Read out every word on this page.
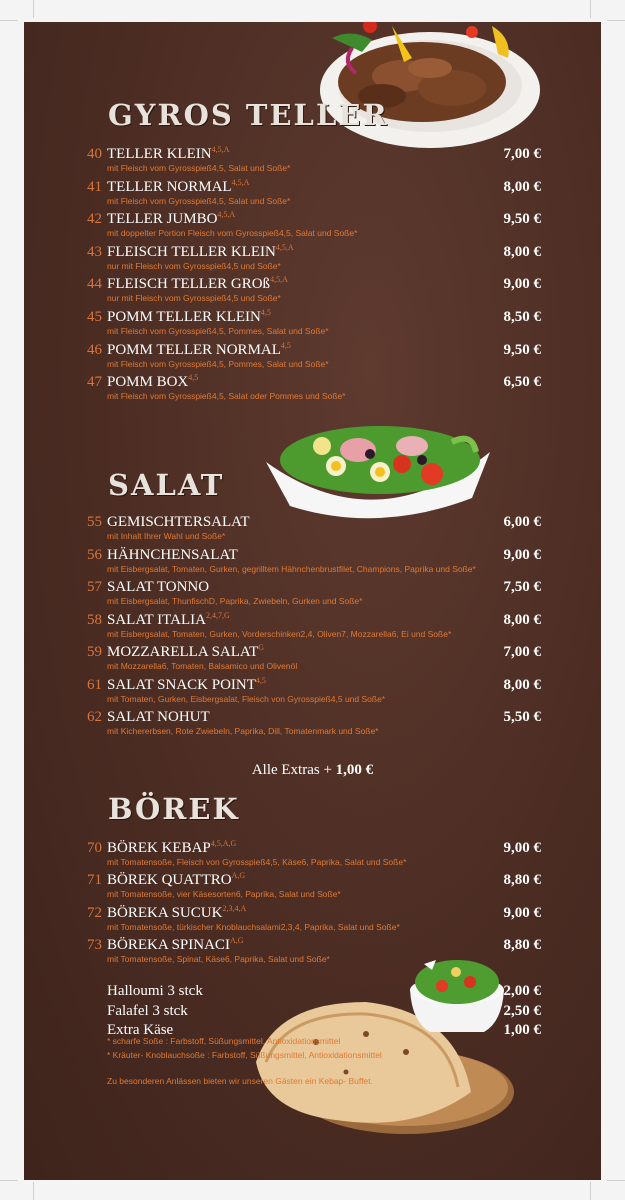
GYROS TELLER
40 TELLER $KLEIN^{4,5,A}$
mit Fleisch vom Gyrosspieß4,5, Salat und Soße*
7,00 €
41 TELLER $NORMAL^{4,5,A}$
mit Fleisch vom Gyrosspieß4,5, Salat und Soße*
8,00 €
42 TELLER $JUMBO^{4,5,A}$
mit doppelter Portion Fleisch vom Gyrosspieß4,5, Salat und Soße*
9,50 €
43 FLEISCH TELLER $KLEIN^{4,5,A}$
nur mit Fleisch vom Gyrosspieß4,5 und Soße*
8,00 €
44 FLEISCH TELLER GROß$^{4,5,A}$
nur mit Fleisch vom Gyrosspieß4,5 und Soße*
9,00 €
45 POMM TELLER KLEIN$^{4,5}$
mit Fleisch vom Gyrosspieß4,5, Pommes, Salat und Soße*
8,50 €
46 POMM TELLER NORMAL$^{4,5}$
mit Fleisch vom Gyrosspieß4,5, Pommes, Salat und Soße*
9,50 €
47 POMM BOX$^{4,5}$
mit Fleisch vom Gyrosspieß4,5, Salat oder Pommes und Soße*
6,50 €
SALAT
55 GEMISCHTERSALAT
mit Inhalt Ihrer Wahl und Soße*
6,00 €
56 HÄHNCHENSALAT
mit Eisbergsalat, Tomaten, Gurken, gegrilltem Hähnchenbrustfilet, Champions, Paprika und Soße*
9,00 €
57 SALAT TONNO
mit Eisbergsalat, ThunfischD, Paprika, Zwiebeln, Gurken und Soße*
7,50 €
58 SALAT $ITALIA^{2,4,7,G}$
mit Eisbergsalat, Tomaten, Gurken, Vorderschinken2,4, Oliven7, Mozzarella6, Ei und Soße*
8,00 €
59 MOZZARELLA $SALAT^G$
mit Mozzarella6, Tomaten, Balsamico und Olivenöl
7,00 €
61 SALAT SNACK POINT$^{4,5}$
mit Tomaten, Gurken, Eisbergsalat, Fleisch von Gyrosspieß4,5 und Soße*
8,00 €
62 SALAT NOHUT
mit Kichererbsen, Rote Zwiebeln, Paprika, Dill, Tomatenmark und Soße*
5,50 €
Alle Extras + 1,00 €
BÖREK
70 BÖREK $KEBAP^{4,5,A,G}$
mit Tomatensoße, Fleisch von Gyrosspieß4,5, Käse6, Paprika, Salat und Soße*
9,00 €
71 BÖREK $QUATTRO^{A,G}$
mit Tomatensoße, vier Käsesorten6, Paprika, Salat und Soße*
8,80 €
72 BÖREKA $SUCUK^{2,3,4,A}$
mit Tomatensoße, türkischer Knoblauchsalami2,3,4, Paprika, Salat und Soße*
9,00 €
73 BÖREKA $SPINACI^{A,G}$
mit Tomatensoße, Spinat, Käse6, Paprika, Salat und Soße*
8,80 €
Halloumi 3 stck	2,00 €
Falafel 3 stck	2,50 €
Extra Käse	1,00 €
* scharfe Soße : Farbstoff, Süßungsmittel, Antioxidationsmittel
* Kräuter- Knoblauchsoße : Farbstoff, Süßungsmittel, Antioxidationsmittel
Zu besonderen Anlässen bieten wir unseren Gästen ein Kebap- Buffet.
